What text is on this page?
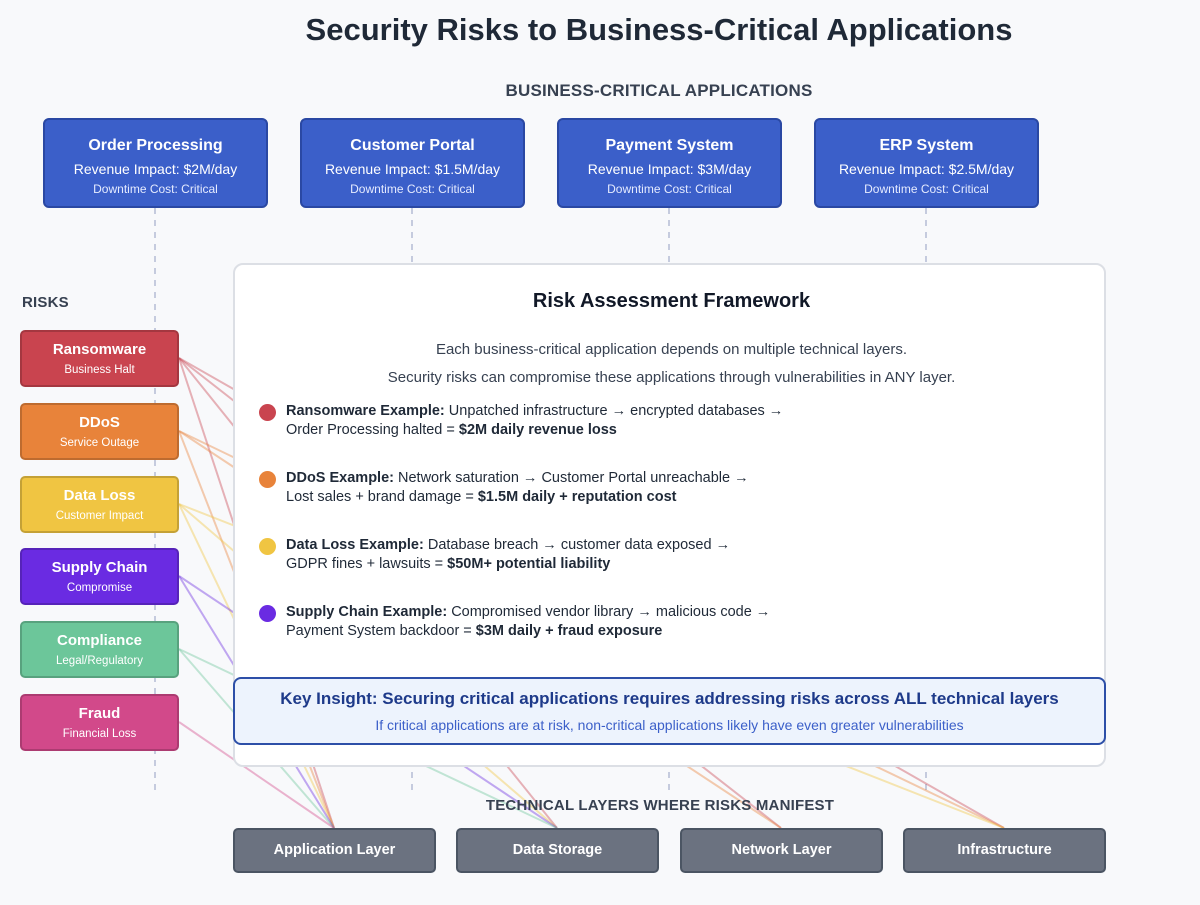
Security Risks to Business-Critical Applications
BUSINESS-CRITICAL APPLICATIONS
RISKS
Order Processing
Revenue Impact: $2M/day
Downtime Cost: Critical
Customer Portal
Revenue Impact: $1.5M/day
Downtime Cost: Critical
Payment System
Revenue Impact: $3M/day
Downtime Cost: Critical
ERP System
Revenue Impact: $2.5M/day
Downtime Cost: Critical
Ransomware
Business Halt
DDoS
Service Outage
Data Loss
Customer Impact
Supply Chain
Compromise
Compliance
Legal/Regulatory
Fraud
Financial Loss
Risk Assessment Framework
Each business-critical application depends on multiple technical layers.
Security risks can compromise these applications through vulnerabilities in ANY layer.
Ransomware Example: Unpatched infrastructure → encrypted databases →
Order Processing halted = $2M daily revenue loss
DDoS Example: Network saturation → Customer Portal unreachable →
Lost sales + brand damage = $1.5M daily + reputation cost
Data Loss Example: Database breach → customer data exposed →
GDPR fines + lawsuits = $50M+ potential liability
Supply Chain Example: Compromised vendor library → malicious code →
Payment System backdoor = $3M daily + fraud exposure
Key Insight: Securing critical applications requires addressing risks across ALL technical layers
If critical applications are at risk, non-critical applications likely have even greater vulnerabilities
TECHNICAL LAYERS WHERE RISKS MANIFEST
Application Layer	Data Storage	Network Layer	Infrastructure
